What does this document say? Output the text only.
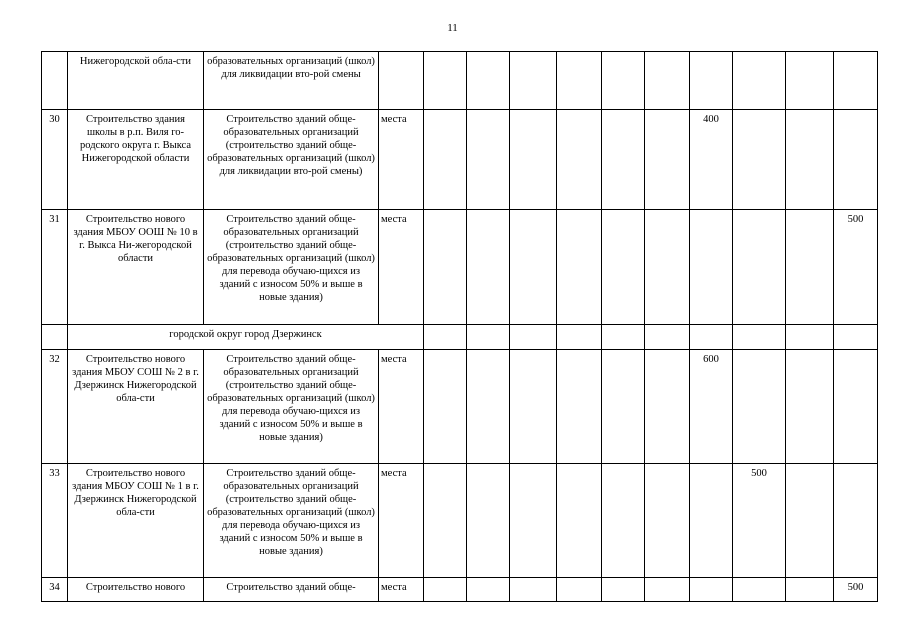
11
	Нижегородской обла-сти	образовательных организаций (школ) для ликвидации вто-рой смены											
30	Строительство здания школы в р.п. Виля го-родского округа г. Выкса Нижегородской области	Строительство зданий обще-образовательных организаций (строительство зданий обще-образовательных организаций (школ) для ликвидации вто-рой смены)	места							400			
31	Строительство нового здания МБОУ ООШ № 10 в г. Выкса Ни-жегородской области	Строительство зданий обще-образовательных организаций (строительство зданий обще-образовательных организаций (школ) для перевода обучаю-щихся из зданий с износом 50% и выше в новые здания)	места										500
	городской округ город Дзержинск												
32	Строительство нового здания МБОУ СОШ № 2 в г. Дзержинск Нижегородской обла-сти	Строительство зданий обще-образовательных организаций (строительство зданий обще-образовательных организаций (школ) для перевода обучаю-щихся из зданий с износом 50% и выше в новые здания)	места							600			
33	Строительство нового здания МБОУ СОШ № 1 в г. Дзержинск Нижегородской обла-сти	Строительство зданий обще-образовательных организаций (строительство зданий обще-образовательных организаций (школ) для перевода обучаю-щихся из зданий с износом 50% и выше в новые здания)	места								500		
34	Строительство нового	Строительство зданий обще-	места										500
